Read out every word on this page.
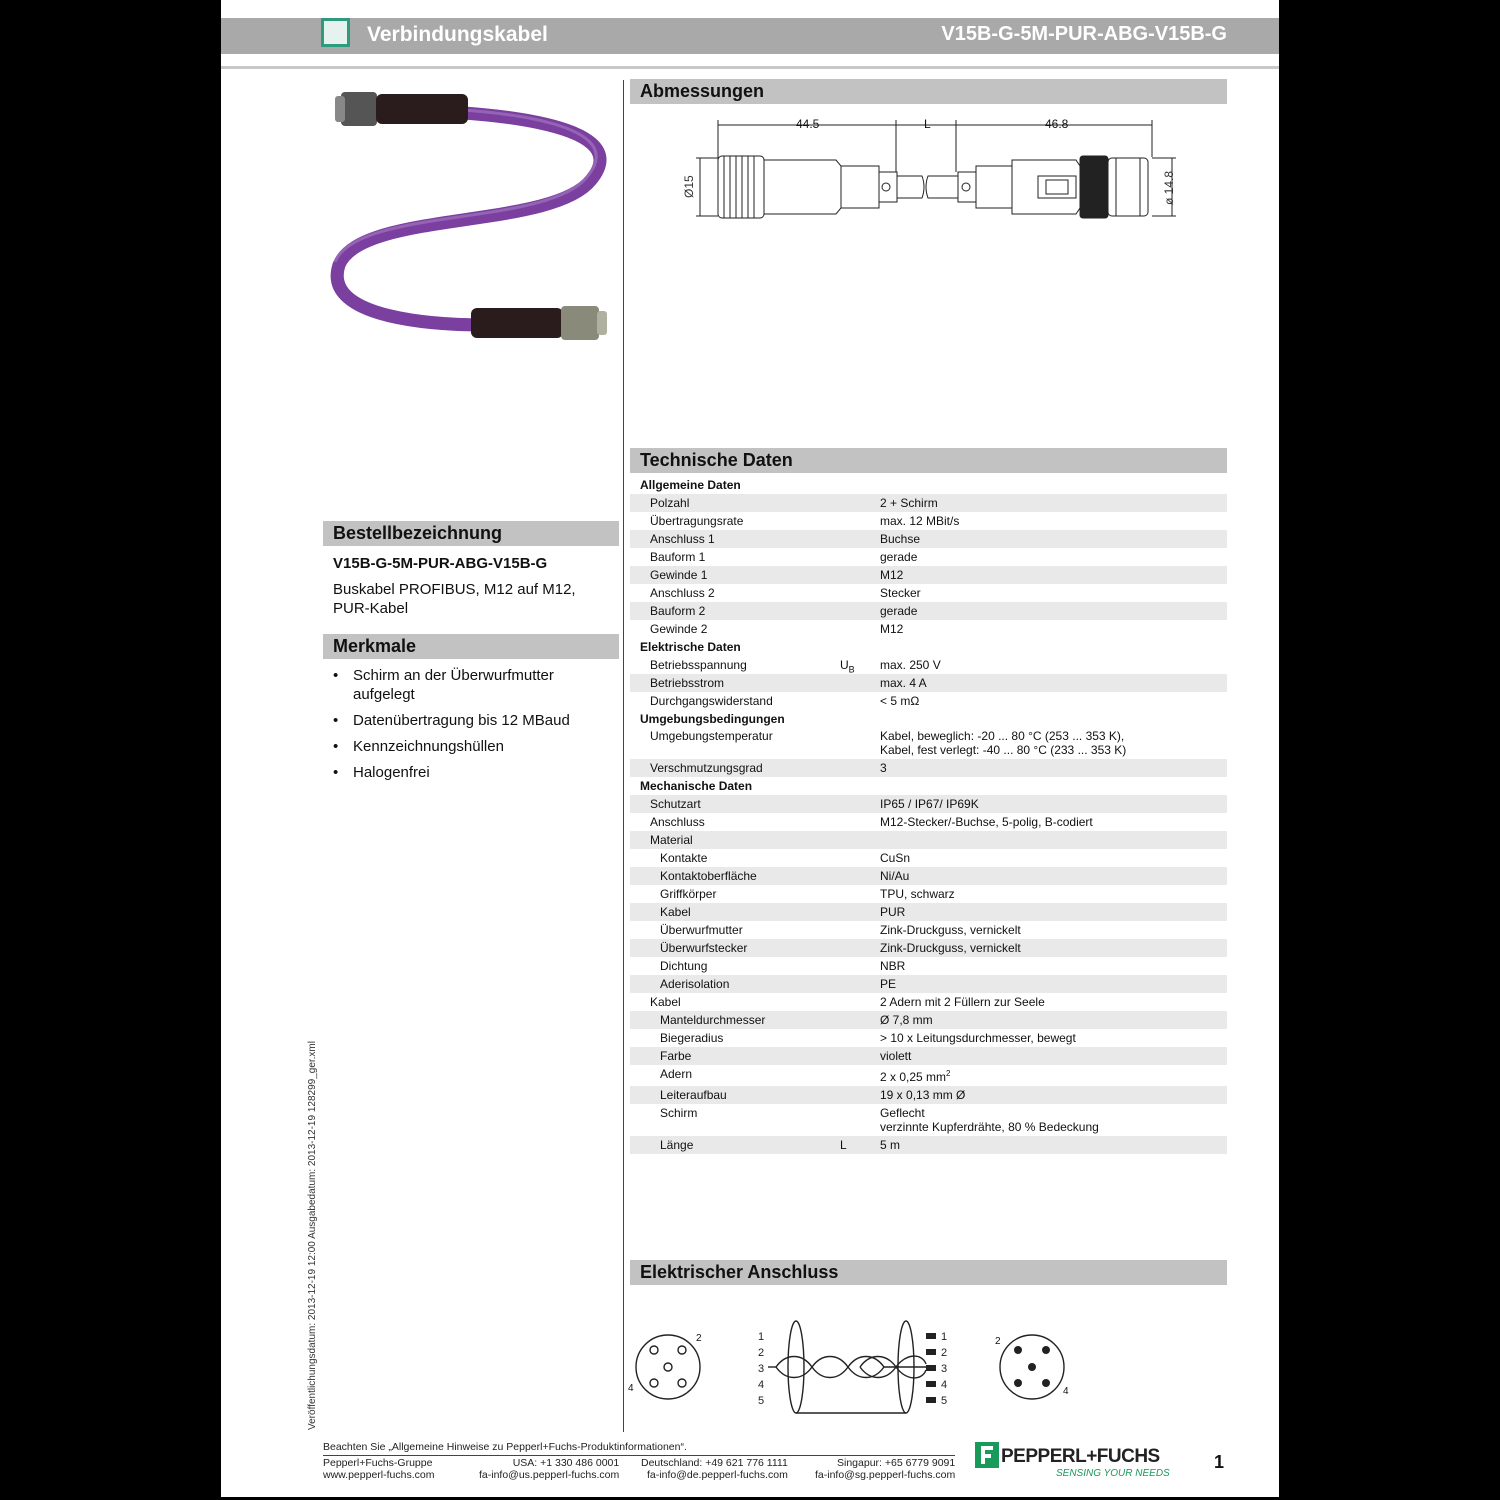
Verbindungskabel	V15B-G-5M-PUR-ABG-V15B-G
Abmessungen
44.5	L	46.8
Ø15	ø 14.8
Technische Daten
Allgemeine Daten
Polzahl	2 + Schirm
Übertragungsrate	max. 12 MBit/s
Anschluss 1	Buchse
Bauform 1	gerade
Gewinde 1	M12
Anschluss 2	Stecker
Bauform 2	gerade
Gewinde 2	M12
Elektrische Daten
Betriebsspannung	$U_B$ max. 250 V
Betriebsstrom	max. 4 A
Durchgangswiderstand	< 5 mΩ
Umgebungsbedingungen
Umgebungstemperatur	Kabel, beweglich: -20 ... 80 °C (253 ... 353 K),
Kabel, fest verlegt: -40 ... 80 °C (233 ... 353 K)
Verschmutzungsgrad	3
Mechanische Daten
Schutzart	IP65 / IP67/ IP69K
Anschluss	M12-Stecker/-Buchse, 5-polig, B-codiert
Material
Kontakte	CuSn
Kontaktoberfläche	Ni/Au
Griffkörper	TPU, schwarz
Kabel	PUR
Überwurfmutter	Zink-Druckguss, vernickelt
Überwurfstecker	Zink-Druckguss, vernickelt
Dichtung	NBR
Aderisolation	PE
Kabel	2 Adern mit 2 Füllern zur Seele
Manteldurchmesser	Ø 7,8 mm
Biegeradius	> 10 x Leitungsdurchmesser, bewegt
Farbe	violett
Adern	2 x 0,25 $mm^2$
Leiteraufbau	19 x 0,13 mm Ø
Schirm	Geflecht
verzinnte Kupferdrähte, 80 % Bedeckung
Länge	L	5 m
Bestellbezeichnung
V15B-G-5M-PUR-ABG-V15B-G
Buskabel PROFIBUS, M12 auf M12, PUR-Kabel
Merkmale
• Schirm an der Überwurfmutter aufgelegt
• Datenübertragung bis 12 MBaud
• Kennzeichnungshüllen
• Halogenfrei
Elektrischer Anschluss
1
2
3
4
5
1
2
3
4
5
2
4
2
4
Veröffentlichungsdatum: 2013-12-19 12:00 Ausgabedatum: 2013-12-19 128299_ger.xml
Beachten Sie „Allgemeine Hinweise zu Pepperl+Fuchs-Produktinformationen“.
Pepperl+Fuchs-Gruppe
www.pepperl-fuchs.com
USA: +1 330 486 0001
fa-info@us.pepperl-fuchs.com
Deutschland: +49 621 776 1111
fa-info@de.pepperl-fuchs.com
Singapur: +65 6779 9091
fa-info@sg.pepperl-fuchs.com
PEPPERL+FUCHS
SENSING YOUR NEEDS
1
